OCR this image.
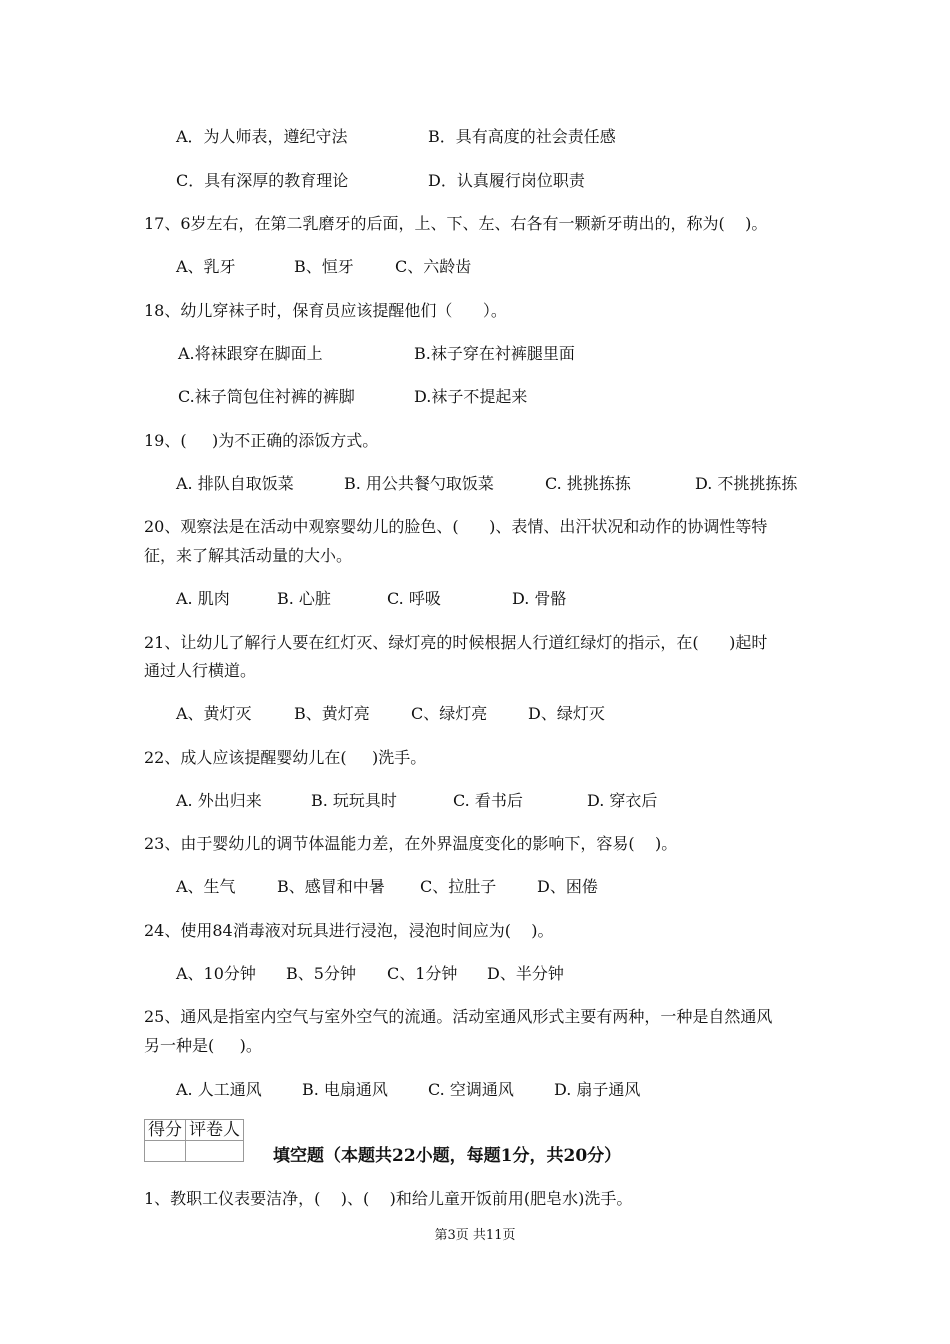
A．为人师表，遵纪守法	B．具有高度的社会责任感
C．具有深厚的教育理论	D．认真履行岗位职责
17、6岁左右，在第二乳磨牙的后面，上、下、左、右各有一颗新牙萌出的，称为(    )。
A、乳牙	B、恒牙	C、六龄齿
18、幼儿穿袜子时，保育员应该提醒他们（      ）。
A.将袜跟穿在脚面上	B.袜子穿在衬裤腿里面
C.袜子筒包住衬裤的裤脚	D.袜子不提起来
19、(     )为不正确的添饭方式。
A. 排队自取饭菜	B. 用公共餐勺取饭菜	C. 挑挑拣拣	D. 不挑挑拣拣
20、观察法是在活动中观察婴幼儿的脸色、(      )、表情、出汗状况和动作的协调性等特
征，来了解其活动量的大小。
A. 肌肉	B. 心脏	C. 呼吸	D. 骨骼
21、让幼儿了解行人要在红灯灭、绿灯亮的时候根据人行道红绿灯的指示，在(      )起时
通过人行横道。
A、黄灯灭	B、黄灯亮	C、绿灯亮	D、绿灯灭
22、成人应该提醒婴幼儿在(     )洗手。
A. 外出归来	B. 玩玩具时	C. 看书后	D. 穿衣后
23、由于婴幼儿的调节体温能力差，在外界温度变化的影响下，容易(    )。
A、生气	B、感冒和中暑 C、拉肚子	D、困倦
24、使用84消毒液对玩具进行浸泡，浸泡时间应为(    )。
A、10分钟 B、5分钟 C、1分钟 D、半分钟
25、通风是指室内空气与室外空气的流通。活动室通风形式主要有两种，一种是自然通风
另一种是(     )。
A. 人工通风	B. 电扇通风	C. 空调通风	D. 扇子通风
得分	评卷人

填空题（本题共22小题，每题1分，共20分）
1、教职工仪表要洁净，(    )、(    )和给儿童开饭前用(肥皂水)洗手。
第3页 共11页
